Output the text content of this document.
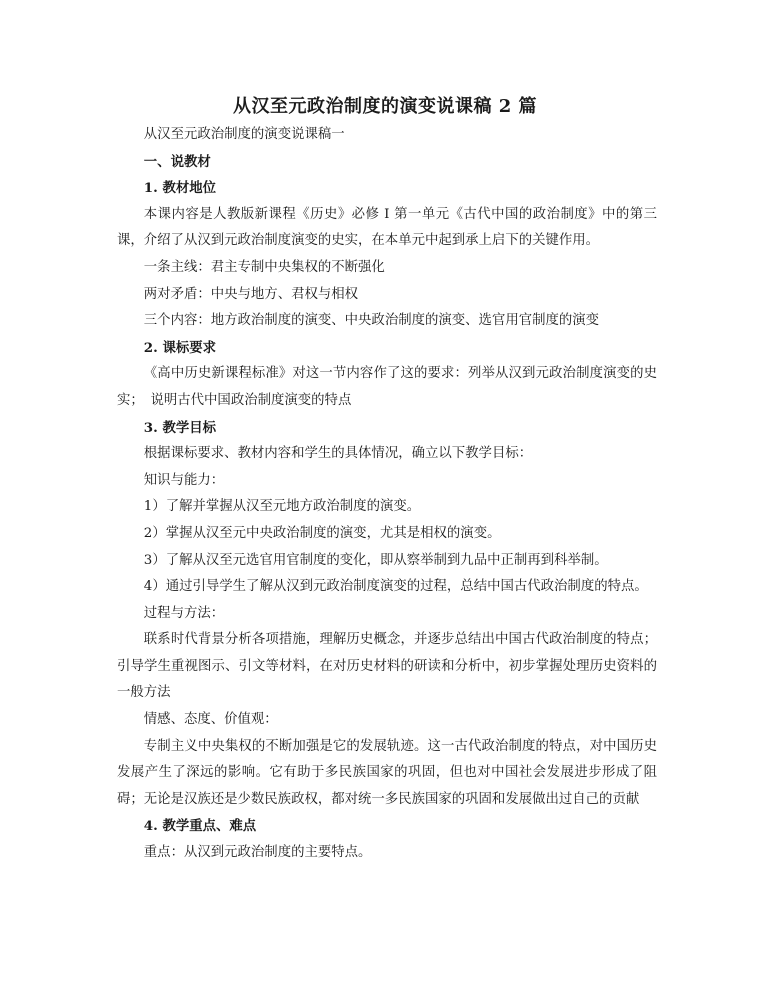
从汉至元政治制度的演变说课稿 2 篇

从汉至元政治制度的演变说课稿一

一、说教材

1. 教材地位

本课内容是人教版新课程《历史》必修 I 第一单元《古代中国的政治制度》中的第三课，介绍了从汉到元政治制度演变的史实，在本单元中起到承上启下的关键作用。

一条主线：君主专制中央集权的不断强化

两对矛盾：中央与地方、君权与相权

三个内容：地方政治制度的演变、中央政治制度的演变、选官用官制度的演变

2. 课标要求

《高中历史新课程标准》对这一节内容作了这的要求：列举从汉到元政治制度演变的史实；　说明古代中国政治制度演变的特点

3. 教学目标

根据课标要求、教材内容和学生的具体情况，确立以下教学目标：

知识与能力：

1）了解并掌握从汉至元地方政治制度的演变。

2）掌握从汉至元中央政治制度的演变，尤其是相权的演变。

3）了解从汉至元选官用官制度的变化，即从察举制到九品中正制再到科举制。

4）通过引导学生了解从汉到元政治制度演变的过程，总结中国古代政治制度的特点。

过程与方法：

联系时代背景分析各项措施，理解历史概念，并逐步总结出中国古代政治制度的特点；引导学生重视图示、引文等材料，在对历史材料的研读和分析中，初步掌握处理历史资料的一般方法

情感、态度、价值观：

专制主义中央集权的不断加强是它的发展轨迹。这一古代政治制度的特点，对中国历史发展产生了深远的影响。它有助于多民族国家的巩固，但也对中国社会发展进步形成了阻碍；无论是汉族还是少数民族政权，都对统一多民族国家的巩固和发展做出过自己的贡献

4. 教学重点、难点

重点：从汉到元政治制度的主要特点。
